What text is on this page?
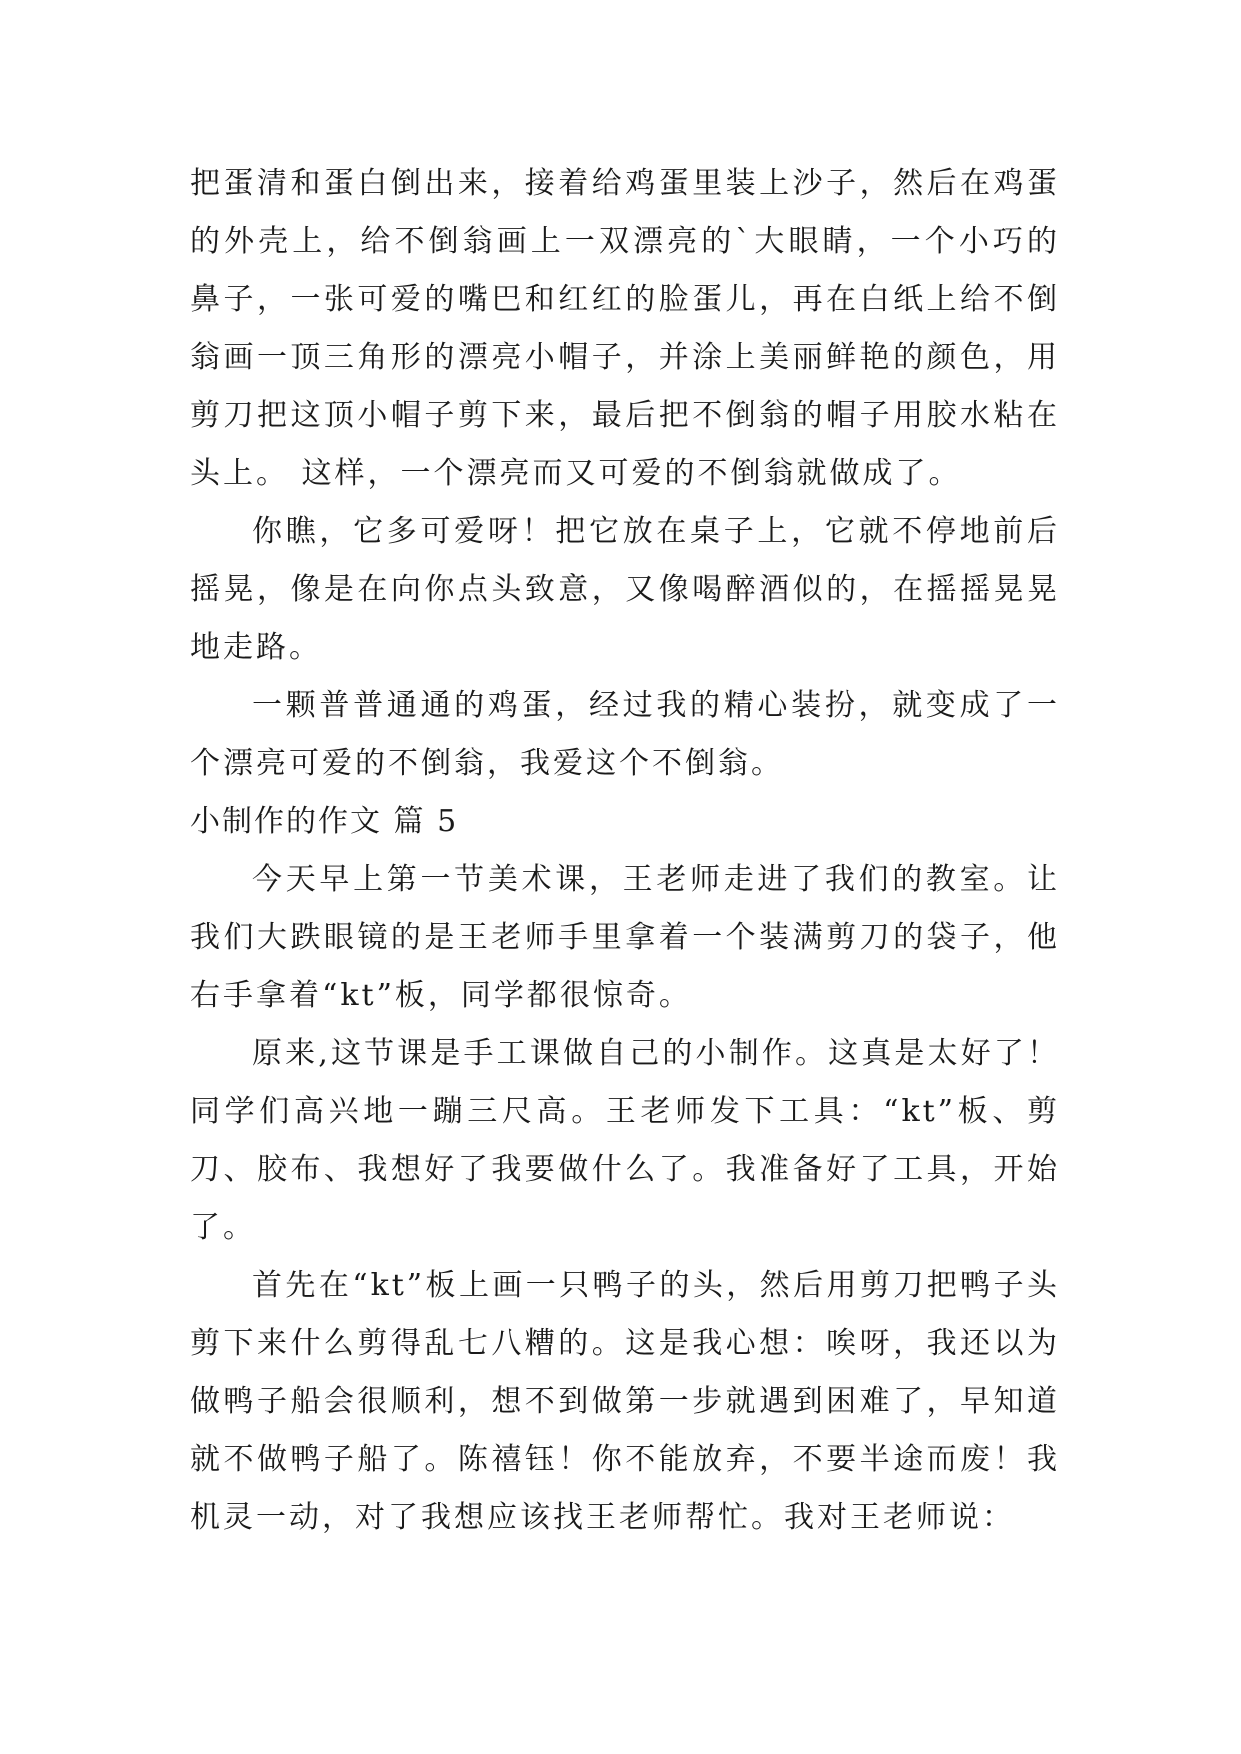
把蛋清和蛋白倒出来，接着给鸡蛋里装上沙子，然后在鸡蛋的外壳上，给不倒翁画上一双漂亮的`大眼睛，一个小巧的鼻子，一张可爱的嘴巴和红红的脸蛋儿，再在白纸上给不倒翁画一顶三角形的漂亮小帽子，并涂上美丽鲜艳的颜色，用剪刀把这顶小帽子剪下来，最后把不倒翁的帽子用胶水粘在头上。 这样，一个漂亮而又可爱的不倒翁就做成了。

你瞧，它多可爱呀！把它放在桌子上，它就不停地前后摇晃，像是在向你点头致意，又像喝醉酒似的，在摇摇晃晃地走路。

一颗普普通通的鸡蛋，经过我的精心装扮，就变成了一个漂亮可爱的不倒翁，我爱这个不倒翁。

小制作的作文 篇 5

今天早上第一节美术课，王老师走进了我们的教室。让我们大跌眼镜的是王老师手里拿着一个装满剪刀的袋子，他右手拿着“kt”板，同学都很惊奇。

原来,这节课是手工课做自己的小制作。这真是太好了！同学们高兴地一蹦三尺高。王老师发下工具：“kt”板、剪刀、胶布、我想好了我要做什么了。我准备好了工具，开始了。

首先在“kt”板上画一只鸭子的头，然后用剪刀把鸭子头剪下来什么剪得乱七八糟的。这是我心想：唉呀，我还以为做鸭子船会很顺利，想不到做第一步就遇到困难了，早知道就不做鸭子船了。陈禧钰！你不能放弃，不要半途而废！我机灵一动，对了我想应该找王老师帮忙。我对王老师说：
